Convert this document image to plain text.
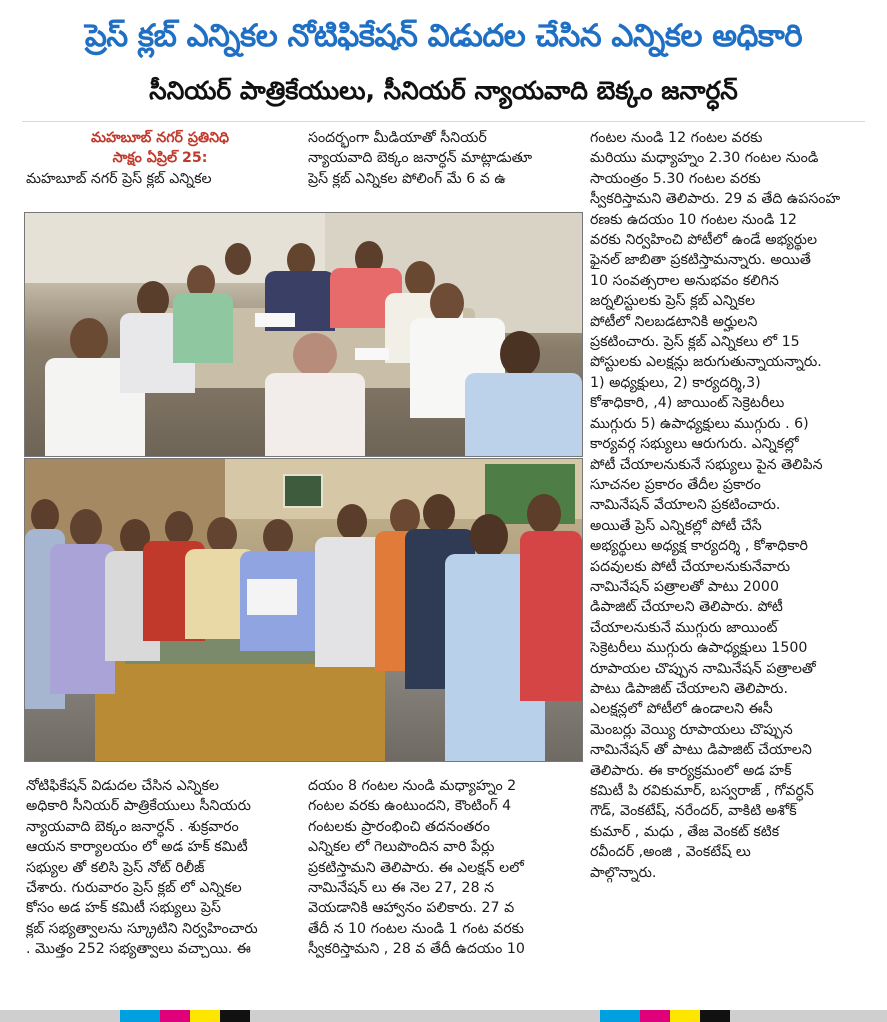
ప్రెస్ క్లబ్ ఎన్నికల నోటిఫికేషన్ విడుదల చేసిన ఎన్నికల అధికారి
సీనియర్ పాత్రికేయులు, సీనియర్ న్యాయవాది బెక్కం జనార్ధన్

మహబూబ్ నగర్ ప్రతినిధి

సాక్షం ఏప్రిల్ 25:

మహబూబ్ నగర్ ప్రెస్ క్లబ్ ఎన్నికల

సందర్భంగా మీడియాతో సీనియర్

న్యాయవాది బెక్కం జనార్ధన్ మాట్లాడుతూ

ప్రెస్ క్లబ్ ఎన్నికల పోలింగ్ మే 6 వ ఉ

గంటల నుండి 12 గంటల వరకు

మరియు మధ్యాహ్నం 2.30 గంటల నుండి

సాయంత్రం 5.30 గంటల వరకు

స్వీకరిస్తామని తెలిపారు. 29 వ తేది ఉపసంహ

రణకు ఉదయం 10 గంటల నుండి 12

వరకు నిర్వహించి పోటీలో ఉండే అభ్యర్థుల

ఫైనల్ జాబితా ప్రకటిస్తామన్నారు. అయితే

10 సంవత్సరాల అనుభవం కలిగిన

జర్నలిస్టులకు ప్రెస్ క్లబ్ ఎన్నికల

పోటీలో నిలబడటానికి అర్హులని

ప్రకటించారు. ప్రెస్ క్లబ్ ఎన్నికలు లో 15

పోస్టులకు ఎలక్షన్లు జరుగుతున్నాయన్నారు.

1) అధ్యక్షులు, 2) కార్యదర్శి,3)

కోశాధికారి, ,4) జాయింట్ సెక్రెటరీలు

ముగ్గురు 5) ఉపాధ్యక్షులు ముగ్గురు . 6)

కార్యవర్గ సభ్యులు ఆరుగురు. ఎన్నికల్లో

పోటీ చేయాలనుకునే సభ్యులు పైన తెలిపిన

సూచనల ప్రకారం తేదీల ప్రకారం

నామినేషన్ వేయాలని ప్రకటించారు.

అయితే ప్రెస్ ఎన్నికల్లో పోటీ చేసే

అభ్యర్థులు అధ్యక్ష కార్యదర్శి , కోశాధికారి

పదవులకు పోటీ చేయాలనుకునేవారు

నామినేషన్ పత్రాలతో పాటు 2000

డిపాజిట్ చేయాలని తెలిపారు. పోటీ

చేయాలనుకునే ముగ్గురు జాయింట్

సెక్రెటరీలు ముగ్గురు ఉపాధ్యక్షులు 1500

రూపాయల చొప్పున నామినేషన్ పత్రాలతో

పాటు డిపాజిట్ చేయాలని తెలిపారు.

ఎలక్షన్లలో పోటీలో ఉండాలని ఈసీ

మెంబర్లు వెయ్యి రూపాయలు చొప్పున

నామినేషన్ తో పాటు డిపాజిట్ చేయాలని

తెలిపారు. ఈ కార్యక్రమంలో అడ హక్

కమిటీ పి రవికుమార్, బస్వరాజ్ , గోవర్ధన్

గౌడ్, వెంకటేష్, నరేందర్, వాకిటి అశోక్

కుమార్ , మధు , తేజ వెంకట్ కటిక

రవీందర్ ,అంజి , వెంకటేష్ లు

పాల్గొన్నారు.

నోటిఫికేషన్ విడుదల చేసిన ఎన్నికల

అధికారి సీనియర్ పాత్రికేయులు సీనియరు

న్యాయవాది బెక్కం జనార్ధన్ . శుక్రవారం

ఆయన కార్యాలయం లో అడ హక్ కమిటీ

సభ్యుల తో కలిసి ప్రెస్ నోట్ రిలీజ్

చేశారు. గురువారం ప్రెస్ క్లబ్ లో ఎన్నికల

కోసం అడ హక్ కమిటీ సభ్యులు ప్రెస్

క్లబ్ సభ్యత్వాలను స్క్రూటిని నిర్వహించారు

. మొత్తం 252 సభ్యత్వాలు వచ్చాయి. ఈ

దయం 8 గంటల నుండి మధ్యాహ్నం 2

గంటల వరకు ఉంటుందని, కౌంటింగ్ 4

గంటలకు ప్రారంభించి తదనంతరం

ఎన్నికల లో గెలుపొందిన వారి పేర్లు

ప్రకటిస్తామని తెలిపారు. ఈ ఎలక్షన్ లలో

నామినేషన్ లు ఈ నెల 27, 28 న

వెయడానికి ఆహ్వానం పలికారు. 27 వ

తేదీ న 10 గంటల నుండి 1 గంట వరకు

స్వీకరిస్తామని , 28 వ తేదీ ఉదయం 10
